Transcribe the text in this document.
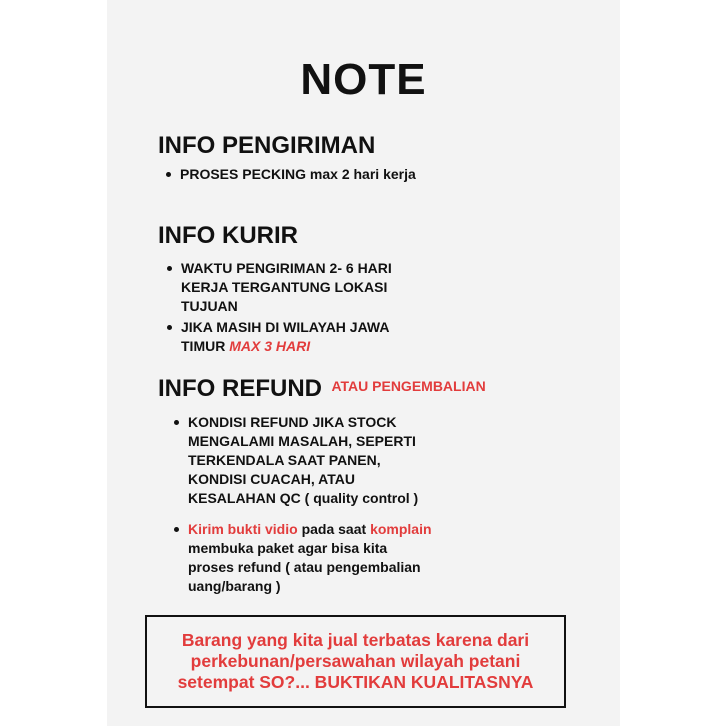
NOTE
INFO PENGIRIMAN
PROSES PECKING max 2 hari kerja
INFO KURIR
WAKTU PENGIRIMAN 2- 6 HARI KERJA TERGANTUNG LOKASI TUJUAN
JIKA MASIH DI WILAYAH JAWA TIMUR MAX 3 HARI
INFO REFUND ATAU PENGEMBALIAN
KONDISI REFUND JIKA STOCK MENGALAMI MASALAH, SEPERTI TERKENDALA SAAT PANEN, KONDISI CUACAH, ATAU KESALAHAN QC ( quality control )
Kirim bukti vidio pada saat komplain membuka paket agar bisa kita proses refund ( atau pengembalian uang/barang )
Barang yang kita jual terbatas karena dari perkebunan/persawahan wilayah petani setempat SO?... BUKTIKAN KUALITASNYA
